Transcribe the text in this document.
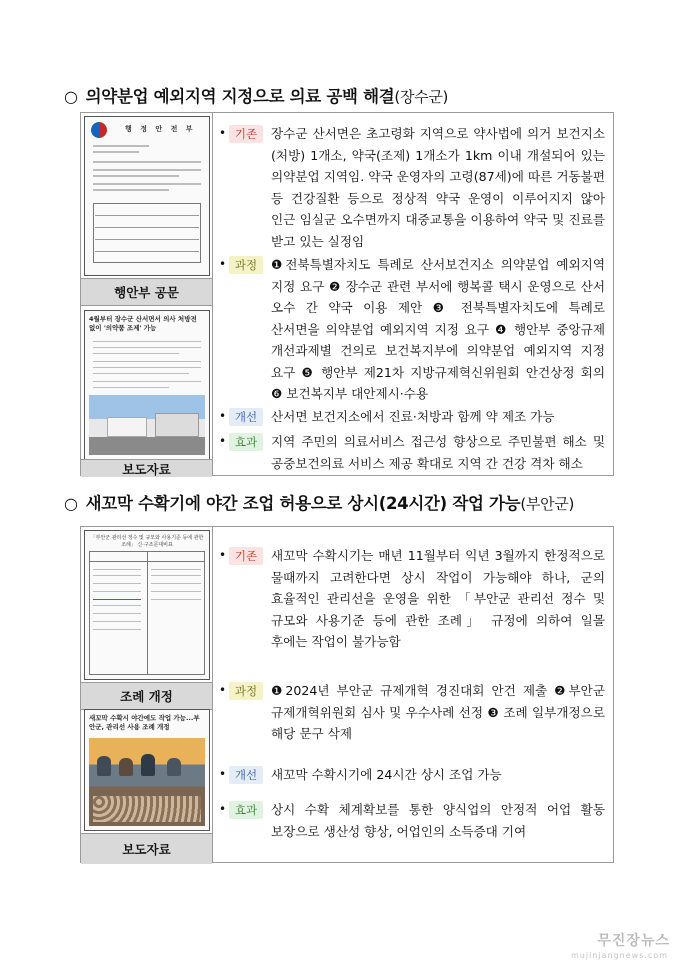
○ 의약분업 예외지역 지정으로 의료 공백 해결(장수군)
행 정 안 전 부
행안부 공문
4월부터 장수군 산서면서 의사 처방전 없이 '의약품 조제' 가능
보도자료
• 기존	장수군 산서면은 초고령화 지역으로 약사법에 의거 보건지소(처방) 1개소, 약국(조제) 1개소가 1km 이내 개설되어 있는 의약분업 지역임. 약국 운영자의 고령(87세)에 따른 거동불편 등 건강질환 등으로 정상적 약국 운영이 이루어지지 않아 인근 임실군 오수면까지 대중교통을 이용하여 약국 및 진료를 받고 있는 실정임
• 과정	❶전북특별자치도 특례로 산서보건지소 의약분업 예외지역 지정 요구 ❷ 장수군 관련 부서에 행복콜 택시 운영으로 산서 오수 간 약국 이용 제안 ❸ 전북특별자치도에 특례로 산서면을 의약분업 예외지역 지정 요구 ❹ 행안부 중앙규제 개선과제별 건의로 보건복지부에 의약분업 예외지역 지정 요구 ❺ 행안부 제21차 지방규제혁신위원회 안건상정 회의 ❻ 보건복지부 대안제시·수용
• 개선	산서면 보건지소에서 진료·처방과 함께 약 제조 가능
• 효과	지역 주민의 의료서비스 접근성 향상으로 주민불편 해소 및 공중보건의료 서비스 제공 확대로 지역 간 건강 격차 해소
○ 새꼬막 수확기에 야간 조업 허용으로 상시(24시간) 작업 가능(부안군)
「부안군 관리선 정수 및 규모와 사용기준 등에 관한 조례」 신·구조문대비표
조례 개정
새꼬막 수확시 야간에도 작업 가능...부안군, 관리선 사용 조례 개정
보도자료
• 기존	새꼬막 수확시기는 매년 11월부터 익년 3월까지 한정적으로 물때까지 고려한다면 상시 작업이 가능해야 하나, 군의 효율적인 관리선을 운영을 위한 「부안군 관리선 정수 및 규모와 사용기준 등에 관한 조례」 규정에 의하여 일몰 후에는 작업이 불가능함
• 과정	❶2024년 부안군 규제개혁 경진대회 안건 제출 ❷부안군 규제개혁위원회 심사 및 우수사례 선정 ❸ 조례 일부개정으로 해당 문구 삭제
• 개선	새꼬막 수확시기에 24시간 상시 조업 가능
• 효과	상시 수확 체계확보를 통한 양식업의 안정적 어업 활동 보장으로 생산성 향상, 어업인의 소득증대 기여
무진장뉴스
mujinjangnews.com
